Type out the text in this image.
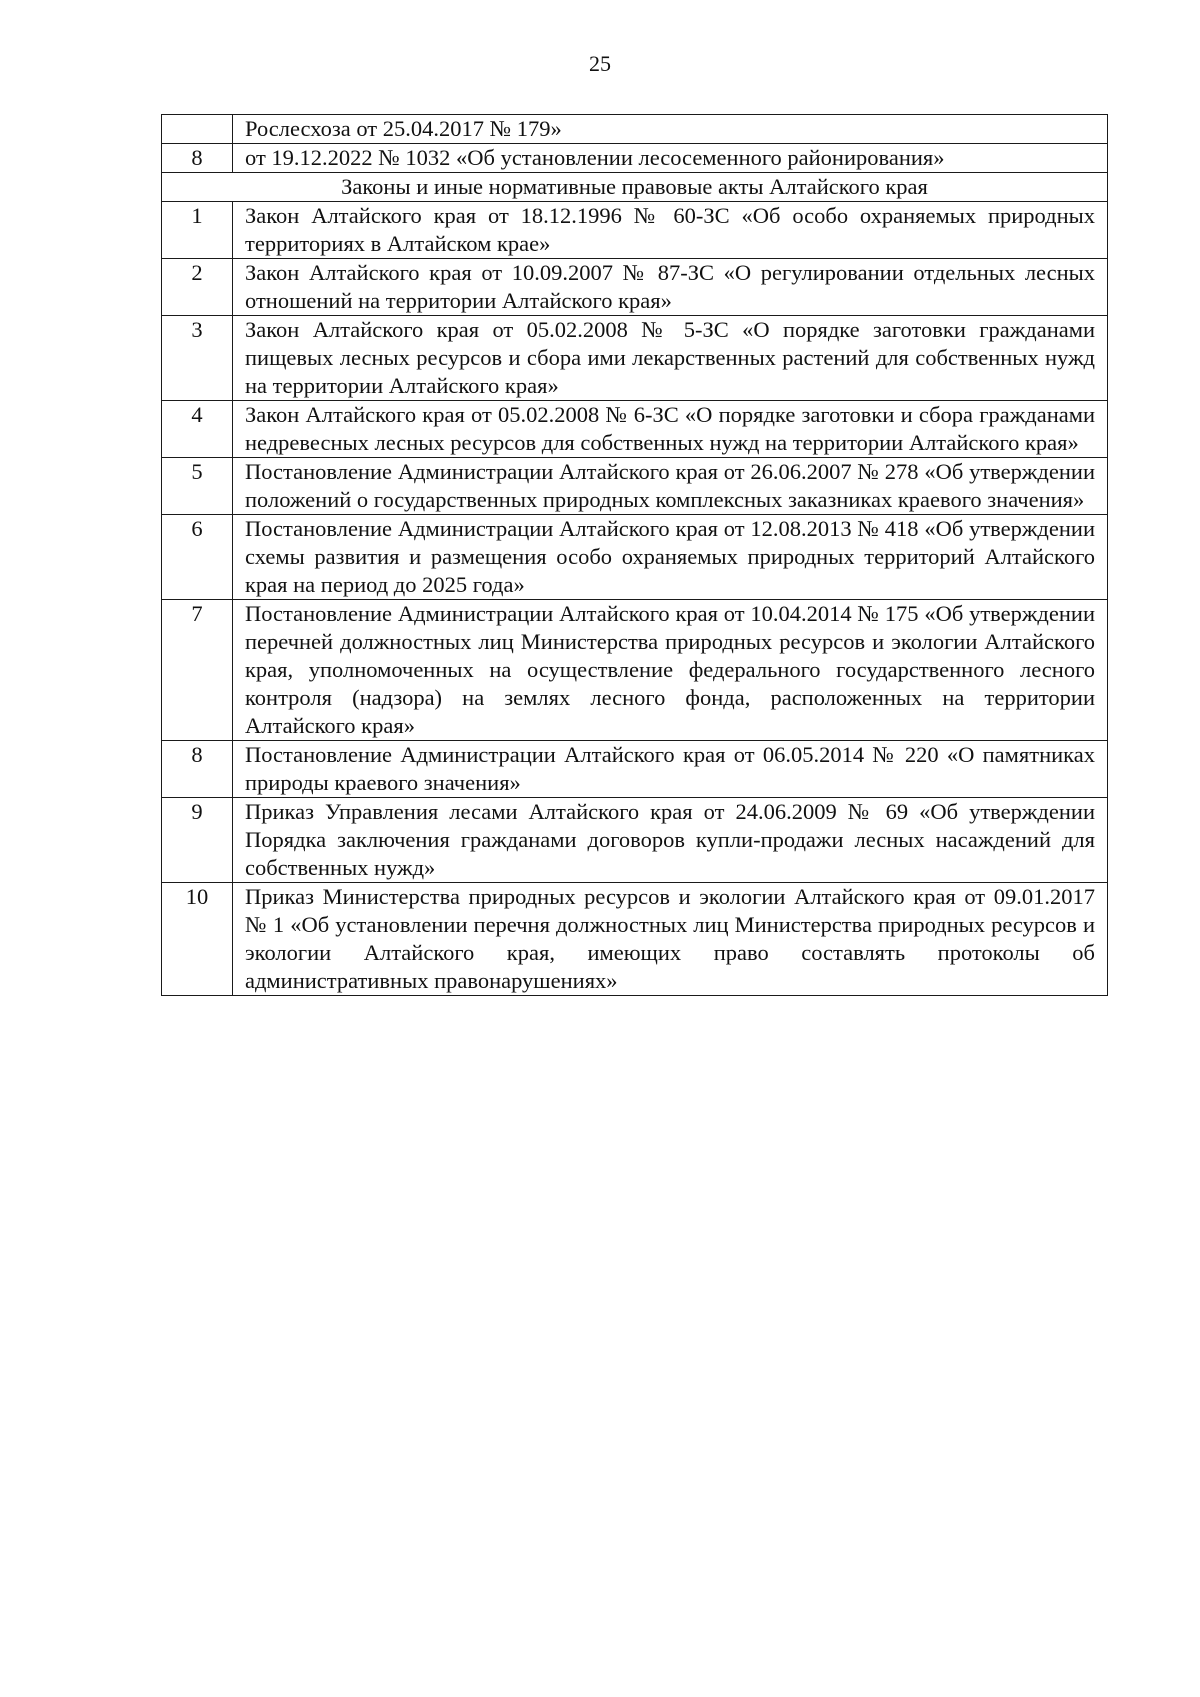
25
	Рослесхоза от 25.04.2017 № 179»
8	от 19.12.2022 № 1032 «Об установлении лесосеменного районирования»
Законы и иные нормативные правовые акты Алтайского края	
1	Закон Алтайского края от 18.12.1996 № 60-ЗС «Об особо охраняемых природных территориях в Алтайском крае»
2	Закон Алтайского края от 10.09.2007 № 87-ЗС «О регулировании отдельных лесных отношений на территории Алтайского края»
3	Закон Алтайского края от 05.02.2008 № 5-ЗС «О порядке заготовки гражданами пищевых лесных ресурсов и сбора ими лекарственных растений для собственных нужд на территории Алтайского края»
4	Закон Алтайского края от 05.02.2008 № 6-ЗС «О порядке заготовки и сбора гражданами недревесных лесных ресурсов для собственных нужд на территории Алтайского края»
5	Постановление Администрации Алтайского края от 26.06.2007 № 278 «Об утверждении положений о государственных природных комплексных заказниках краевого значения»
6	Постановление Администрации Алтайского края от 12.08.2013 № 418 «Об утверждении схемы развития и размещения особо охраняемых природных территорий Алтайского края на период до 2025 года»
7	Постановление Администрации Алтайского края от 10.04.2014 № 175 «Об утверждении перечней должностных лиц Министерства природных ресурсов и экологии Алтайского края, уполномоченных на осуществление федерального государственного лесного контроля (надзора) на землях лесного фонда, расположенных на территории Алтайского края»
8	Постановление Администрации Алтайского края от 06.05.2014 № 220 «О памятниках природы краевого значения»
9	Приказ Управления лесами Алтайского края от 24.06.2009 № 69 «Об утверждении Порядка заключения гражданами договоров купли-продажи лесных насаждений для собственных нужд»
10	Приказ Министерства природных ресурсов и экологии Алтайского края от 09.01.2017 № 1 «Об установлении перечня должностных лиц Министерства природных ресурсов и экологии Алтайского края, имеющих право составлять протоколы об административных правонарушениях»
